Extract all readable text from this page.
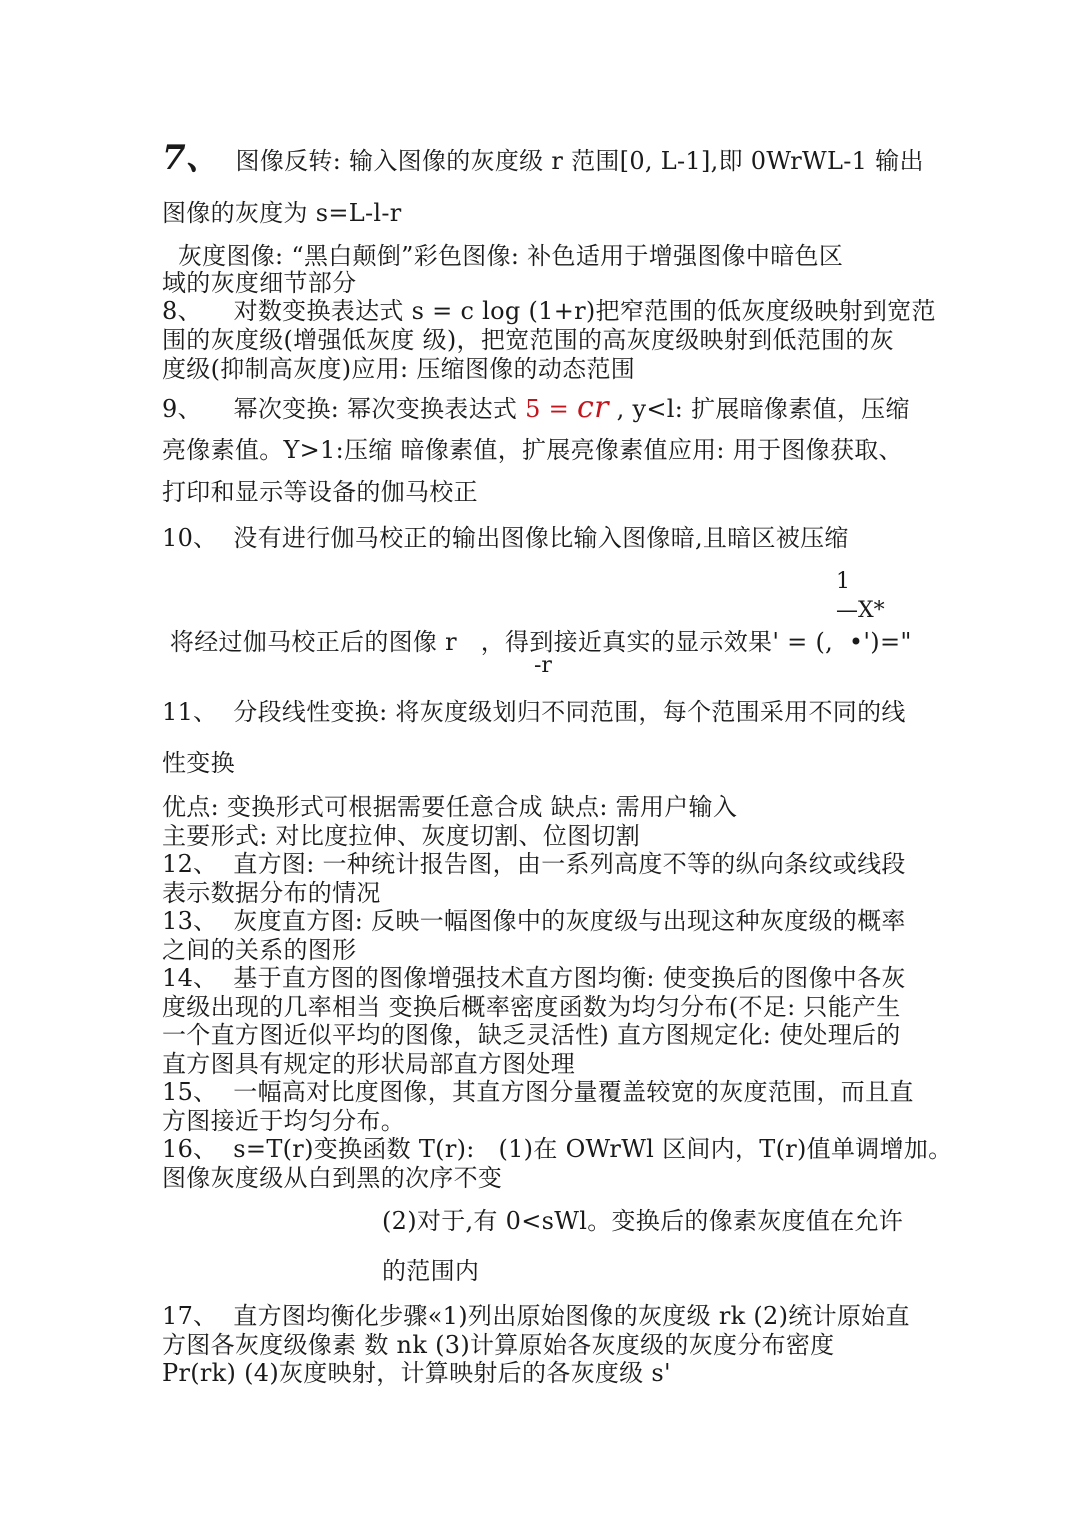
7、 图像反转: 输入图像的灰度级 r 范围[0, L-1],即 0WrWL-1 输出
图像的灰度为 s=L-l-r
灰度图像: “黑白颠倒”彩色图像: 补色适用于增强图像中暗色区
域的灰度细节部分
8、    对数变换表达式 s = c log (1+r)把窄范围的低灰度级映射到宽范
围的灰度级(增强低灰度 级)，把宽范围的高灰度级映射到低范围的灰
度级(抑制高灰度)应用: 压缩图像的动态范围
9、    幂次变换: 幂次变换表达式 5 = cr , y<l: 扩展暗像素值，压缩
亮像素值。Y>1:压缩 暗像素值，扩展亮像素值应用: 用于图像获取、
打印和显示等设备的伽马校正
10、  没有进行伽马校正的输出图像比输入图像暗,且暗区被压缩
1
—X*
将经过伽马校正后的图像 r   ，得到接近真实的显示效果' = (,  •')="
-r
11、  分段线性变换: 将灰度级划归不同范围，每个范围采用不同的线
性变换
优点: 变换形式可根据需要任意合成 缺点: 需用户输入
主要形式: 对比度拉伸、灰度切割、位图切割
12、  直方图: 一种统计报告图，由一系列高度不等的纵向条纹或线段
表示数据分布的情况
13、  灰度直方图: 反映一幅图像中的灰度级与出现这种灰度级的概率
之间的关系的图形
14、  基于直方图的图像增强技术直方图均衡: 使变换后的图像中各灰
度级出现的几率相当 变换后概率密度函数为均匀分布(不足: 只能产生
一个直方图近似平均的图像，缺乏灵活性) 直方图规定化: 使处理后的
直方图具有规定的形状局部直方图处理
15、  一幅高对比度图像，其直方图分量覆盖较宽的灰度范围，而且直
方图接近于均匀分布。
16、  s=T(r)变换函数 T(r):   (1)在 OWrWl 区间内，T(r)值单调增加。
图像灰度级从白到黑的次序不变
(2)对于,有 0<sWl。变换后的像素灰度值在允许
的范围内
17、  直方图均衡化步骤«1)列出原始图像的灰度级 rk (2)统计原始直
方图各灰度级像素 数 nk (3)计算原始各灰度级的灰度分布密度
Pr(rk) (4)灰度映射，计算映射后的各灰度级 s'
